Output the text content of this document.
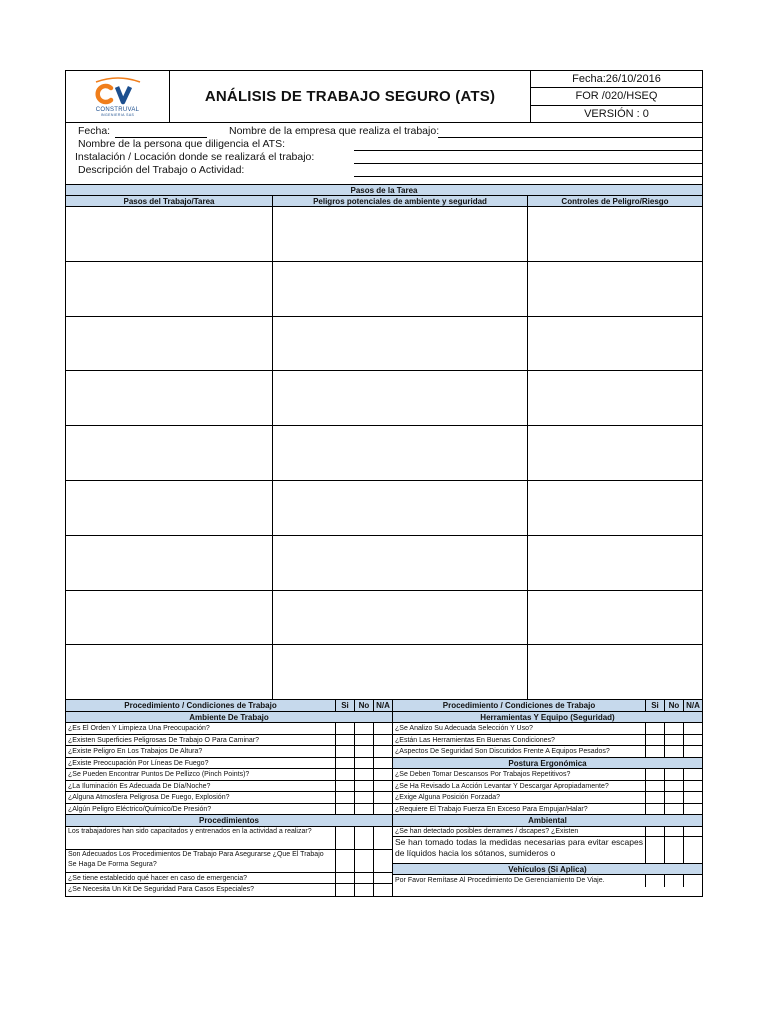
CONSTRUVAL
INGENIERIA SAS
ANÁLISIS DE TRABAJO SEGURO (ATS)
Fecha:26/10/2016
FOR /020/HSEQ
VERSIÓN : 0
Fecha:	Nombre de la empresa que realiza el trabajo:
Nombre de la persona que diligencia el ATS:
Instalación / Locación donde se realizará el trabajo:
Descripción del Trabajo o Actividad:
Pasos de la Tarea
Pasos del Trabajo/Tarea	Peligros potenciales de ambiente y seguridad	Controles de Peligro/Riesgo
Procedimiento / Condiciones de Trabajo	Si	No N/A
Ambiente De Trabajo
¿Es El Orden Y Limpieza Una Preocupación?
¿Existen Superficies Peligrosas De Trabajo O Para Caminar?
¿Existe Peligro En Los Trabajos De Altura?
¿Existe Preocupación Por Líneas De Fuego?
¿Se Pueden Encontrar Puntos De Pellizco (Pinch Points)?
¿La Iluminación Es Adecuada De Día/Noche?
¿Alguna Atmosfera Peligrosa De Fuego, Explosión?
¿Algún Peligro Eléctrico/Químico/De Presión?
Procedimientos
Los trabajadores han sido capacitados y entrenados en la actividad a realizar?
Son Adecuados Los Procedimientos De Trabajo Para Asegurarse ¿Que El Trabajo Se Haga De Forma Segura?
¿Se tiene establecido qué hacer en caso de emergencia?
¿Se Necesita Un Kit De Seguridad Para Casos Especiales?
Procedimiento / Condiciones de Trabajo	Si	No N/A
Herramientas Y Equipo (Seguridad)
¿Se Analizo Su Adecuada Selección Y Uso?
¿Están Las Herramientas En Buenas Condiciones?
¿Aspectos De Seguridad Son Discutidos Frente A Equipos Pesados?
Postura Ergonómica
¿Se Deben Tomar Descansos Por Trabajos Repetitivos?
¿Se Ha Revisado La Acción Levantar Y Descargar Apropiadamente?
¿Exige Alguna Posición Forzada?
¿Requiere El Trabajo Fuerza En Exceso Para Empujar/Halar?
Ambiental
¿Se han detectado posibles derrames / dscapes? ¿Existen
Se han tomado todas la medidas necesarias para evitar escapes de líquidos hacia los sótanos, sumideros o
Vehículos (Si Aplica)
Por Favor Remítase Al Procedimiento De Gerenciamiento De Viaje.
